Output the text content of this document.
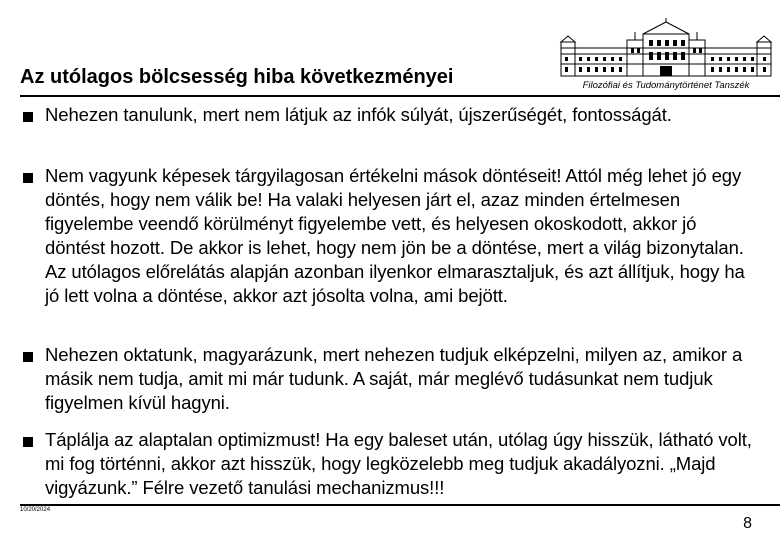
Az utólagos bölcsesség hiba következményei	Filozófiai és Tudománytörténet Tanszék
Nehezen tanulunk, mert nem látjuk az infók súlyát, újszerűségét, fontosságát.
Nem vagyunk képesek tárgyilagosan értékelni mások döntéseit! Attól még lehet jó egy döntés, hogy nem válik be! Ha valaki helyesen járt el, azaz minden értelmesen figyelembe veendő körülményt figyelembe vett, és helyesen okoskodott, akkor jó döntést hozott. De akkor is lehet, hogy nem jön be a döntése, mert a világ bizonytalan. Az utólagos előrelátás alapján azonban ilyenkor elmarasztaljuk, és azt állítjuk, hogy ha jó lett volna a döntése, akkor azt jósolta volna, ami bejött.
Nehezen oktatunk, magyarázunk, mert nehezen tudjuk elképzelni, milyen az, amikor a másik nem tudja, amit mi már tudunk. A saját, már meglévő tudásunkat nem tudjuk figyelmen kívül hagyni.
Táplálja az alaptalan optimizmust! Ha egy baleset után, utólag úgy hisszük, látható volt, mi fog történni, akkor azt hisszük, hogy legközelebb meg tudjuk akadályozni. „Majd vigyázunk.” Félre vezető tanulási mechanizmus!!!
10/20/2024
8
